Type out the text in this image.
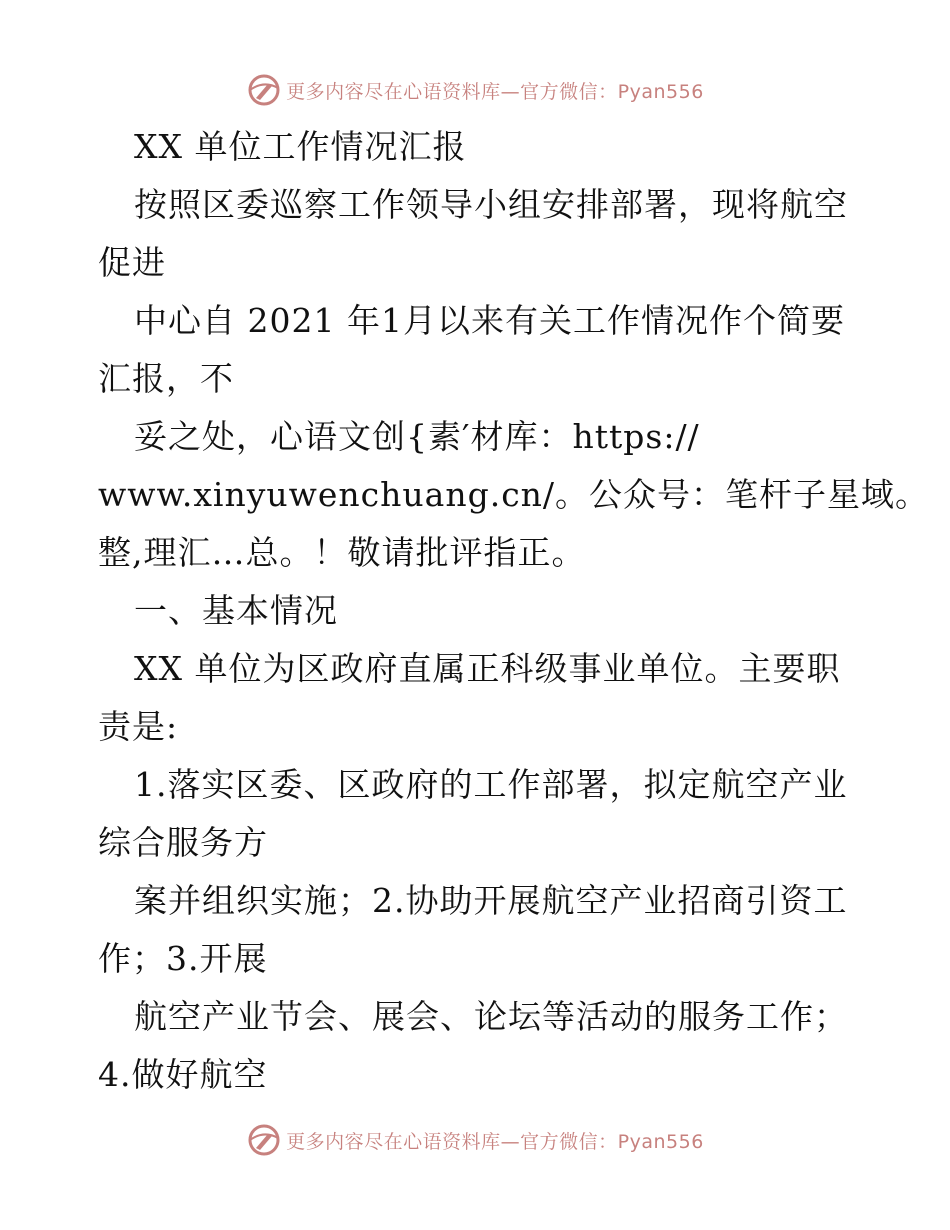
更多内容尽在心语资料库—官方微信：Pyan556
XX 单位工作情况汇报
按照区委巡察工作领导小组安排部署，现将航空
促进
中心自 2021 年1月以来有关工作情况作个简要
汇报，不
妥之处，心语文创{素′材库：https://
www.xinyuwenchuang.cn/。公众号：笔杆子星域。
整,理汇…总。！敬请批评指正。
一、基本情况
XX 单位为区政府直属正科级事业单位。主要职
责是:
1.落实区委、区政府的工作部署，拟定航空产业
综合服务方
案并组织实施；2.协助开展航空产业招商引资工
作；3.开展
航空产业节会、展会、论坛等活动的服务工作；
4.做好航空
更多内容尽在心语资料库—官方微信：Pyan556
